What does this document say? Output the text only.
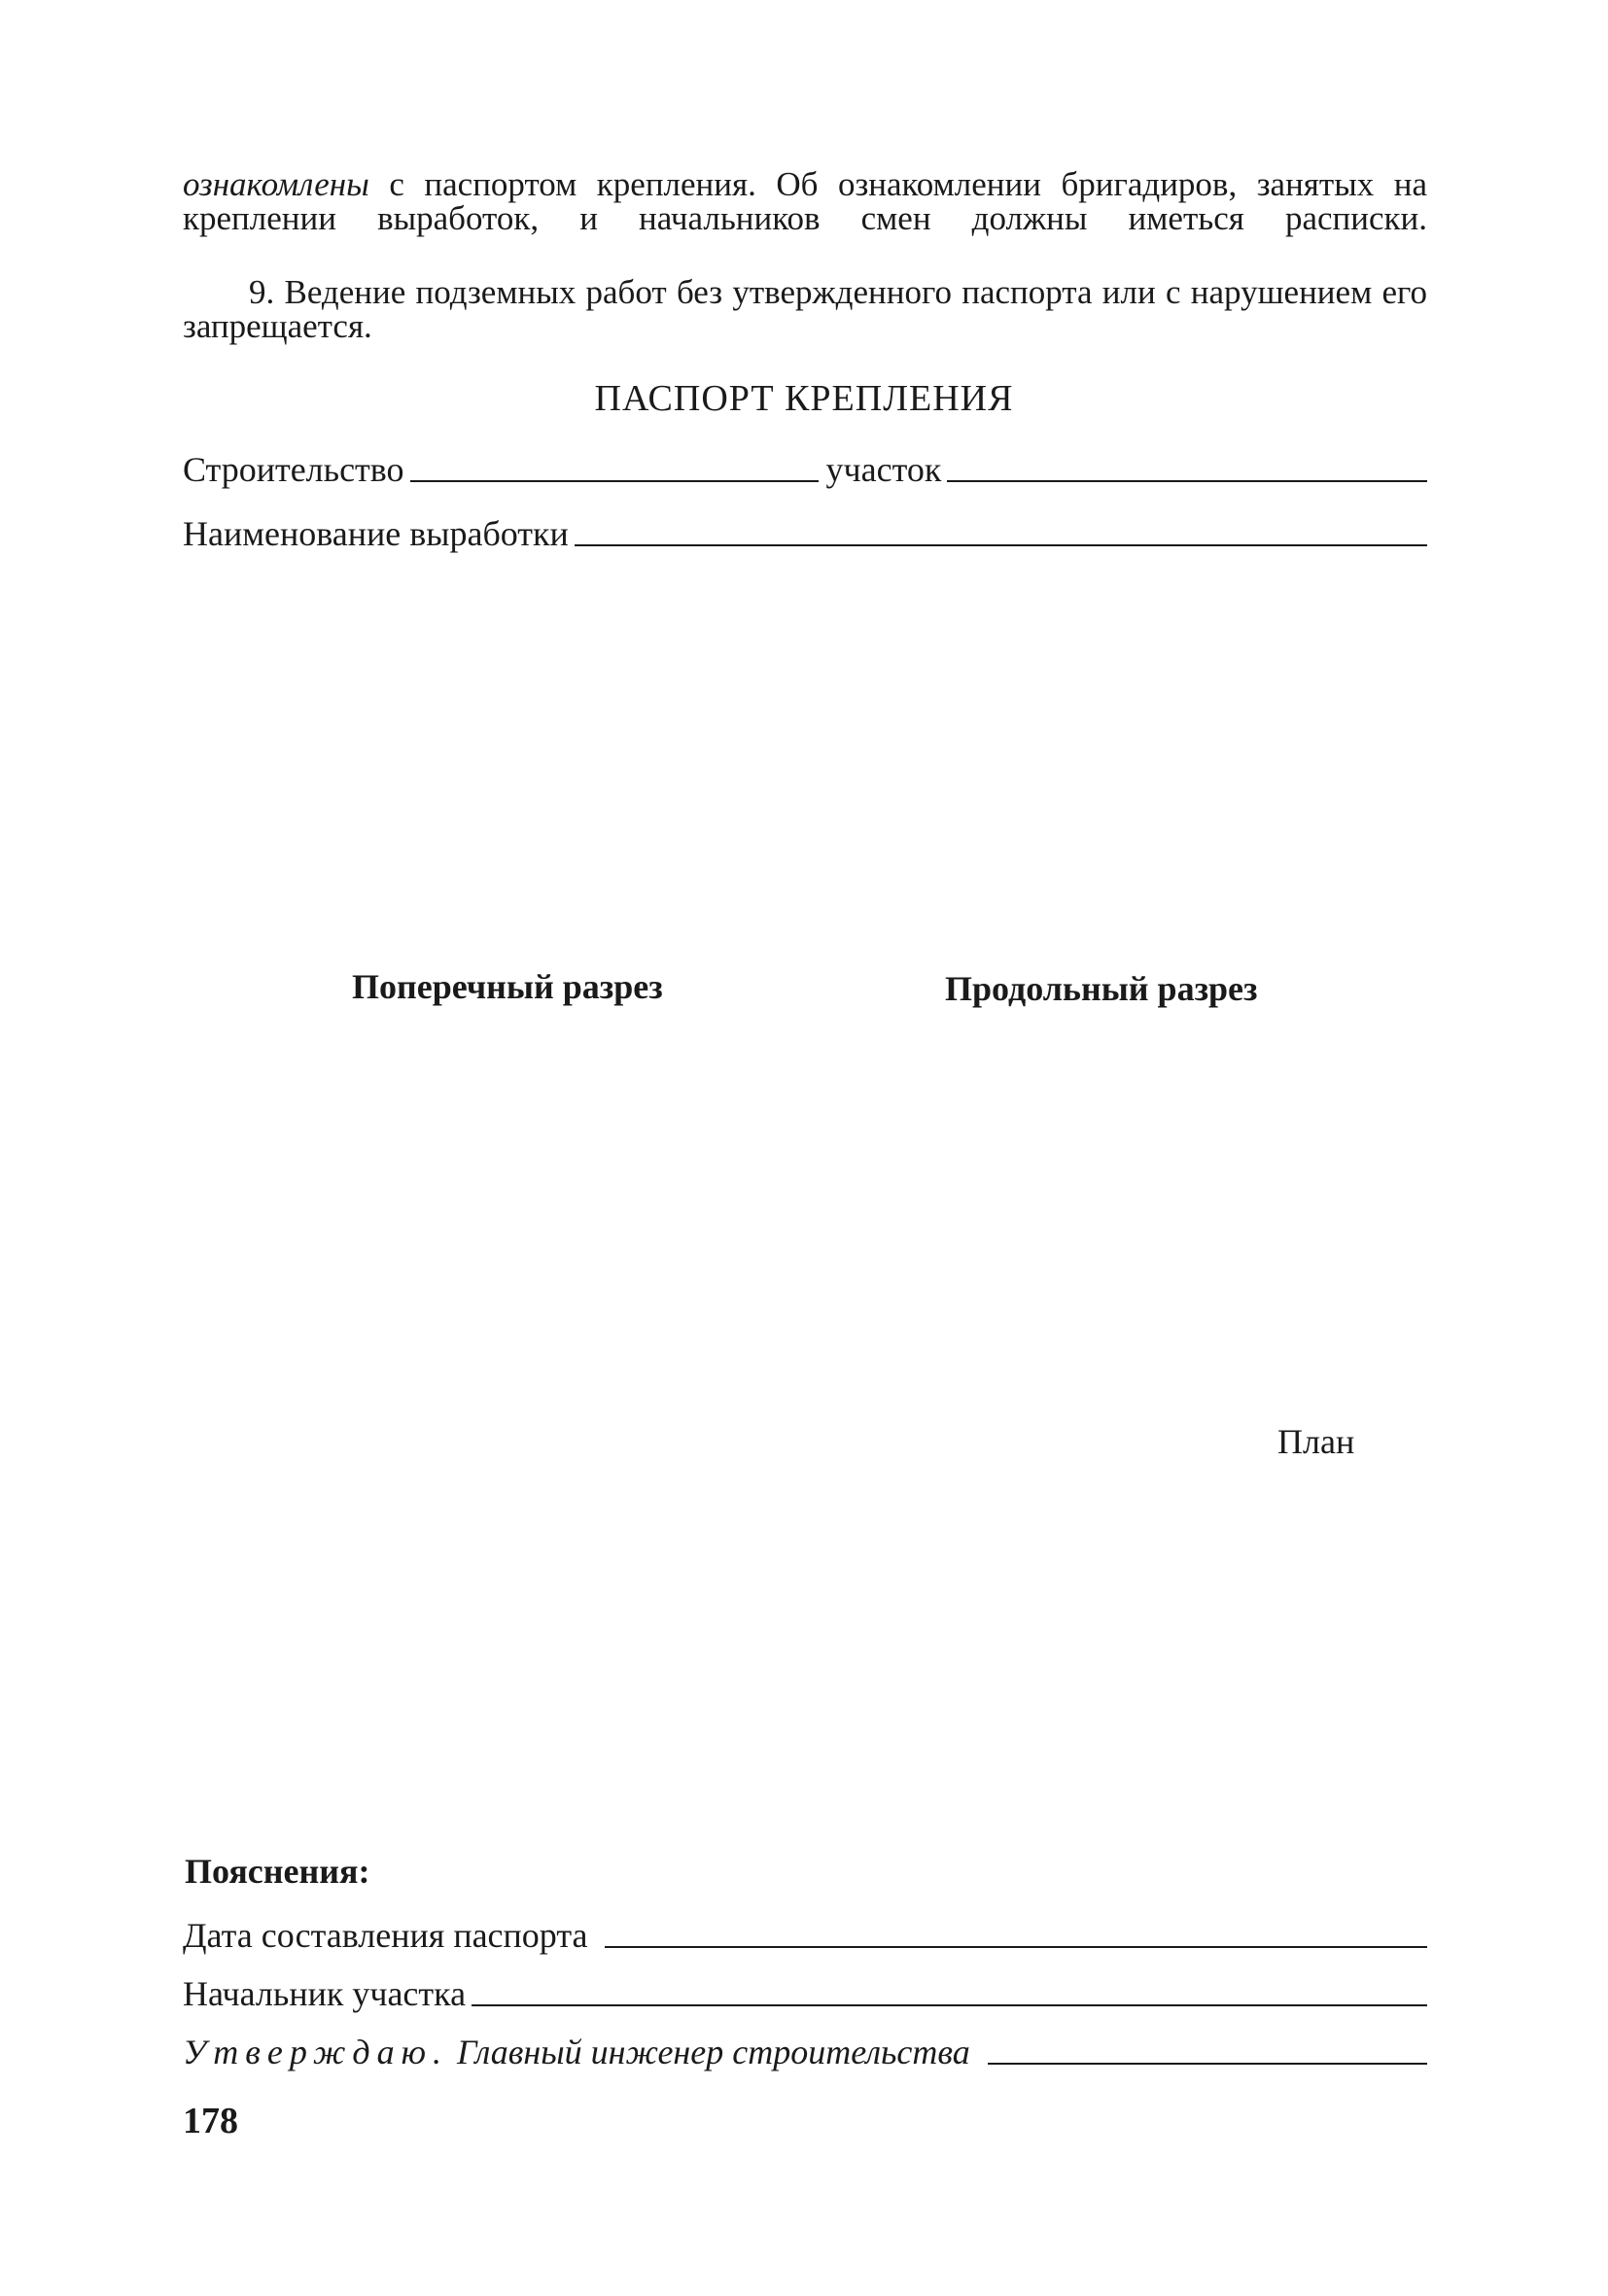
ознакомлены с паспортом крепления. Об ознакомлении бригадиров, занятых на креплении выработок, и начальников смен должны иметься расписки.
9. Ведение подземных работ без утвержденного паспорта или с нарушением его запрещается.
ПАСПОРТ КРЕПЛЕНИЯ
Строительство	участок
Наименование выработки
Поперечный разрез	Продольный разрез
План
Пояснения:
Дата составления паспорта
Начальник участка
Утверждаю. Главный инженер строительства
178
